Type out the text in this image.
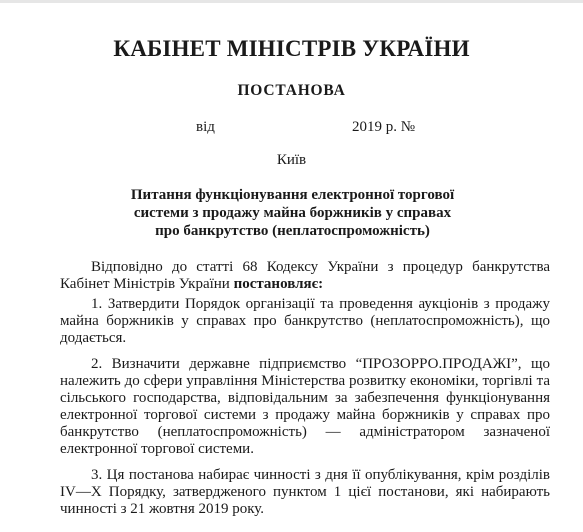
КАБІНЕТ МІНІСТРІВ УКРАЇНИ
ПОСТАНОВА
від	2019 р. №
Київ
Питання функціонування електронної торгової
системи з продажу майна боржників у справах
про банкрутство (неплатоспроможність)

Відповідно до статті 68 Кодексу України з процедур банкрутства Кабінет Міністрів України постановляє:

1. Затвердити Порядок організації та проведення аукціонів з продажу майна боржників у справах про банкрутство (неплатоспроможність), що додається.

2. Визначити державне підприємство “ПРОЗОРРО.ПРОДАЖІ”, що належить до сфери управління Міністерства розвитку економіки, торгівлі та сільського господарства, відповідальним за забезпечення функціонування електронної торгової системи з продажу майна боржників у справах про банкрутство (неплатоспроможність) — адміністратором зазначеної електронної торгової системи.

3. Ця постанова набирає чинності з дня її опублікування, крім розділів IV—X Порядку, затвердженого пунктом 1 цієї постанови, які набирають чинності з 21 жовтня 2019 року.
